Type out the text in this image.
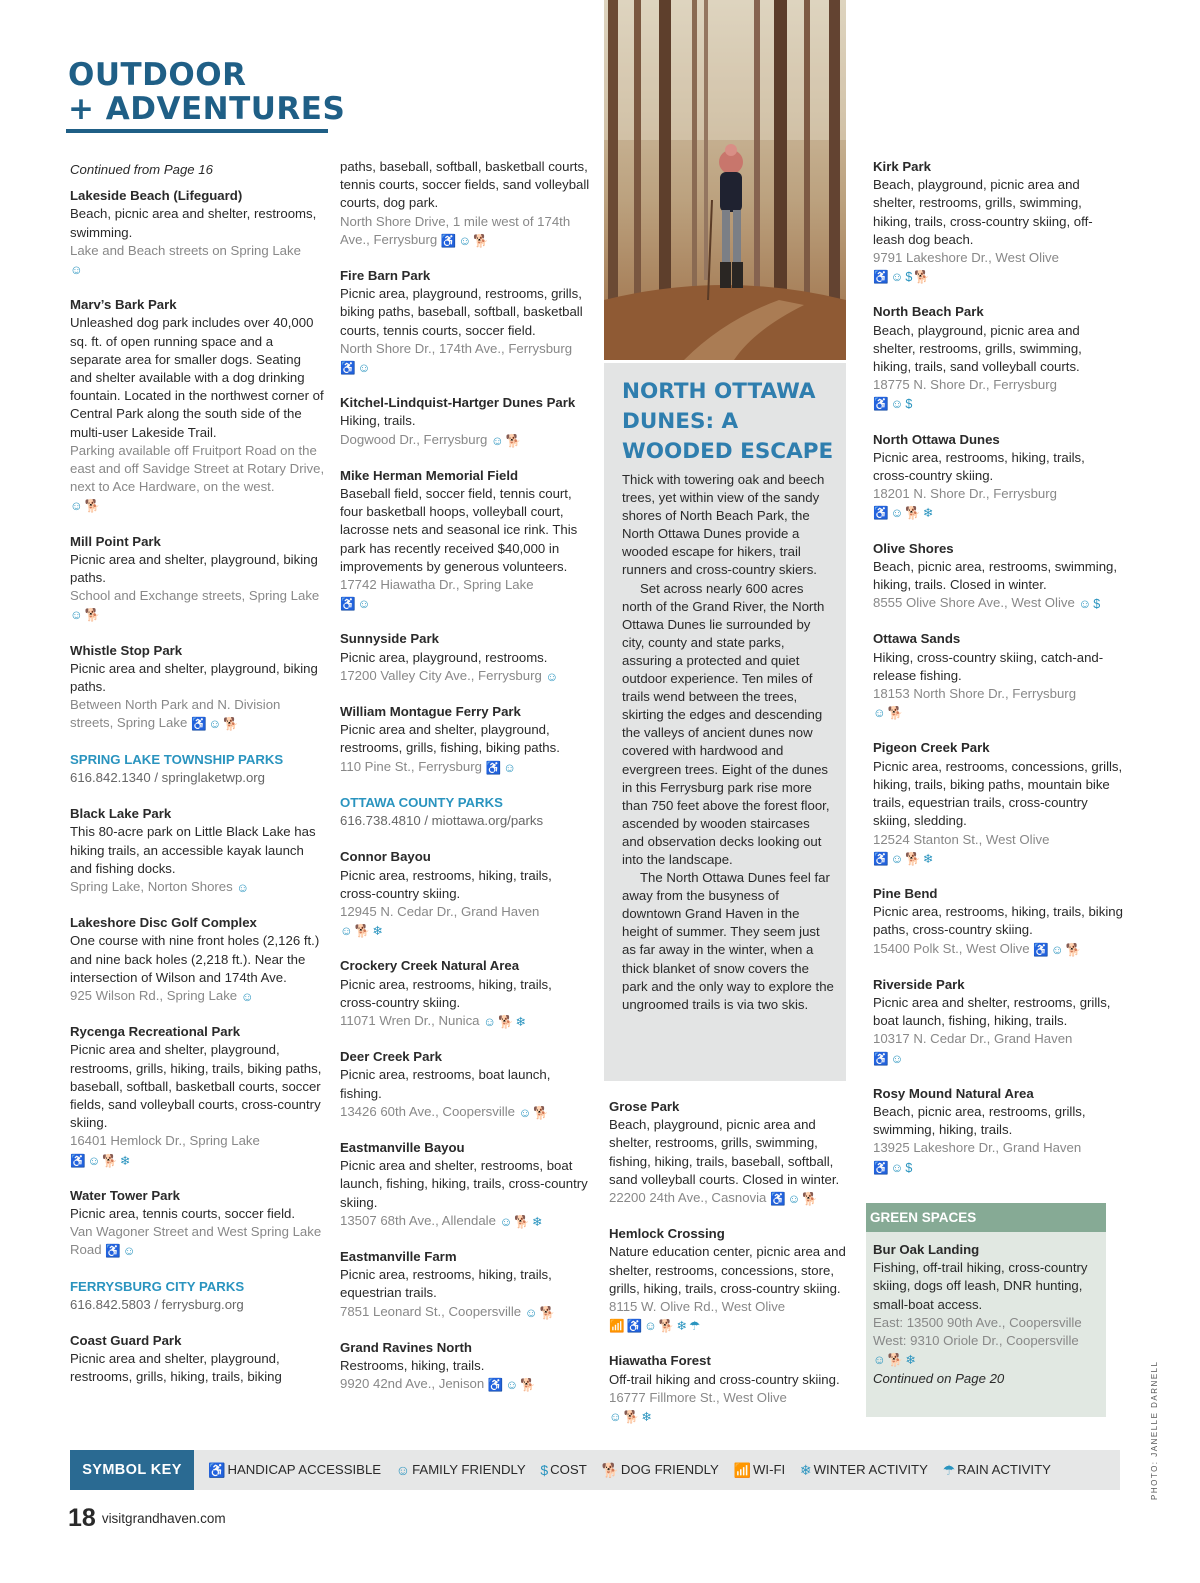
OUTDOOR
+ ADVENTURES
Continued from Page 16
Lakeside Beach (Lifeguard)
Beach, picnic area and shelter, restrooms, swimming.
Lake and Beach streets on Spring Lake
☺
Marv’s Bark Park
Unleashed dog park includes over 40,000 sq. ft. of open running space and a separate area for smaller dogs. Seating and shelter available with a dog drinking fountain. Located in the northwest corner of Central Park along the south side of the multi-user Lakeside Trail.
Parking available off Fruitport Road on the east and off Savidge Street at Rotary Drive, next to Ace Hardware, on the west.
☺ 🐕
Mill Point Park
Picnic area and shelter, playground, biking paths.
School and Exchange streets, Spring Lake
☺ 🐕
Whistle Stop Park
Picnic area and shelter, playground, biking paths.
Between North Park and N. Division streets, Spring Lake ♿ ☺ 🐕
SPRING LAKE TOWNSHIP PARKS
616.842.1340 / springlaketwp.org
Black Lake Park
This 80-acre park on Little Black Lake has hiking trails, an accessible kayak launch and fishing docks.
Spring Lake, Norton Shores ☺
Lakeshore Disc Golf Complex
One course with nine front holes (2,126 ft.) and nine back holes (2,218 ft.). Near the intersection of Wilson and 174th Ave.
925 Wilson Rd., Spring Lake ☺
Rycenga Recreational Park
Picnic area and shelter, playground, restrooms, grills, hiking, trails, biking paths, baseball, softball, basketball courts, soccer fields, sand volleyball courts, cross-country skiing.
16401 Hemlock Dr., Spring Lake
♿ ☺ 🐕 ❄
Water Tower Park
Picnic area, tennis courts, soccer field.
Van Wagoner Street and West Spring Lake Road ♿ ☺
FERRYSBURG CITY PARKS
616.842.5803 / ferrysburg.org
Coast Guard Park
Picnic area and shelter, playground, restrooms, grills, hiking, trails, biking
paths, baseball, softball, basketball courts, tennis courts, soccer fields, sand volleyball courts, dog park.
North Shore Drive, 1 mile west of 174th Ave., Ferrysburg ♿ ☺ 🐕
Fire Barn Park
Picnic area, playground, restrooms, grills, biking paths, baseball, softball, basketball courts, tennis courts, soccer field.
North Shore Dr., 174th Ave., Ferrysburg
♿ ☺
Kitchel-Lindquist-Hartger Dunes Park
Hiking, trails.
Dogwood Dr., Ferrysburg ☺ 🐕
Mike Herman Memorial Field
Baseball field, soccer field, tennis court, four basketball hoops, volleyball court, lacrosse nets and seasonal ice rink. This park has recently received $40,000 in improvements by generous volunteers.
17742 Hiawatha Dr., Spring Lake
♿ ☺
Sunnyside Park
Picnic area, playground, restrooms.
17200 Valley City Ave., Ferrysburg ☺
William Montague Ferry Park
Picnic area and shelter, playground, restrooms, grills, fishing, biking paths.
110 Pine St., Ferrysburg ♿ ☺
OTTAWA COUNTY PARKS
616.738.4810 / miottawa.org/parks
Connor Bayou
Picnic area, restrooms, hiking, trails, cross-country skiing.
12945 N. Cedar Dr., Grand Haven
☺ 🐕 ❄
Crockery Creek Natural Area
Picnic area, restrooms, hiking, trails, cross-country skiing.
11071 Wren Dr., Nunica ☺ 🐕 ❄
Deer Creek Park
Picnic area, restrooms, boat launch, fishing.
13426 60th Ave., Coopersville ☺ 🐕
Eastmanville Bayou
Picnic area and shelter, restrooms, boat launch, fishing, hiking, trails, cross-country skiing.
13507 68th Ave., Allendale ☺ 🐕 ❄
Eastmanville Farm
Picnic area, restrooms, hiking, trails, equestrian trails.
7851 Leonard St., Coopersville ☺ 🐕
Grand Ravines North
Restrooms, hiking, trails.
9920 42nd Ave., Jenison ♿ ☺ 🐕
NORTH OTTAWA
DUNES: A
WOODED ESCAPE

Thick with towering oak and beech trees, yet within view of the sandy shores of North Beach Park, the North Ottawa Dunes provide a wooded escape for hikers, trail runners and cross-country skiers.

Set across nearly 600 acres north of the Grand River, the North Ottawa Dunes lie surrounded by city, county and state parks, assuring a protected and quiet outdoor experience. Ten miles of trails wend between the trees, skirting the edges and descending the valleys of ancient dunes now covered with hardwood and evergreen trees. Eight of the dunes in this Ferrysburg park rise more than 750 feet above the forest floor, ascended by wooden staircases and observation decks looking out into the landscape.

The North Ottawa Dunes feel far away from the busyness of downtown Grand Haven in the height of summer. They seem just as far away in the winter, when a thick blanket of snow covers the park and the only way to explore the ungroomed trails is via two skis.

Grose Park
Beach, playground, picnic area and shelter, restrooms, grills, swimming, fishing, hiking, trails, baseball, softball, sand volleyball courts. Closed in winter.
22200 24th Ave., Casnovia ♿ ☺ 🐕
Hemlock Crossing
Nature education center, picnic area and shelter, restrooms, concessions, store, grills, hiking, trails, cross-country skiing.
8115 W. Olive Rd., West Olive
📶 ♿ ☺ 🐕 ❄ ☂
Hiawatha Forest
Off-trail hiking and cross-country skiing.
16777 Fillmore St., West Olive
☺ 🐕 ❄
Kirk Park
Beach, playground, picnic area and shelter, restrooms, grills, swimming, hiking, trails, cross-country skiing, off-leash dog beach.
9791 Lakeshore Dr., West Olive
♿ ☺ $ 🐕
North Beach Park
Beach, playground, picnic area and shelter, restrooms, grills, swimming, hiking, trails, sand volleyball courts.
18775 N. Shore Dr., Ferrysburg
♿ ☺ $
North Ottawa Dunes
Picnic area, restrooms, hiking, trails, cross-country skiing.
18201 N. Shore Dr., Ferrysburg
♿ ☺ 🐕 ❄
Olive Shores
Beach, picnic area, restrooms, swimming, hiking, trails. Closed in winter.
8555 Olive Shore Ave., West Olive ☺ $
Ottawa Sands
Hiking, cross-country skiing, catch-and-release fishing.
18153 North Shore Dr., Ferrysburg
☺ 🐕
Pigeon Creek Park
Picnic area, restrooms, concessions, grills, hiking, trails, biking paths, mountain bike trails, equestrian trails, cross-country skiing, sledding.
12524 Stanton St., West Olive
♿ ☺ 🐕 ❄
Pine Bend
Picnic area, restrooms, hiking, trails, biking paths, cross-country skiing.
15400 Polk St., West Olive ♿ ☺ 🐕
Riverside Park
Picnic area and shelter, restrooms, grills, boat launch, fishing, hiking, trails.
10317 N. Cedar Dr., Grand Haven
♿ ☺
Rosy Mound Natural Area
Beach, picnic area, restrooms, grills, swimming, hiking, trails.
13925 Lakeshore Dr., Grand Haven
♿ ☺ $
GREEN SPACES
Bur Oak Landing
Fishing, off-trail hiking, cross-country skiing, dogs off leash, DNR hunting, small-boat access.
East: 13500 90th Ave., Coopersville
West: 9310 Oriole Dr., Coopersville
☺ 🐕 ❄
Continued on Page 20
SYMBOL KEY	♿ HANDICAP ACCESSIBLE ☺ FAMILY FRIENDLY $ COST 🐕 DOG FRIENDLY 📶 WI-FI ❄ WINTER ACTIVITY ☂ RAIN ACTIVITY
18 visitgrandhaven.com
PHOTO: JANELLE DARNELL
